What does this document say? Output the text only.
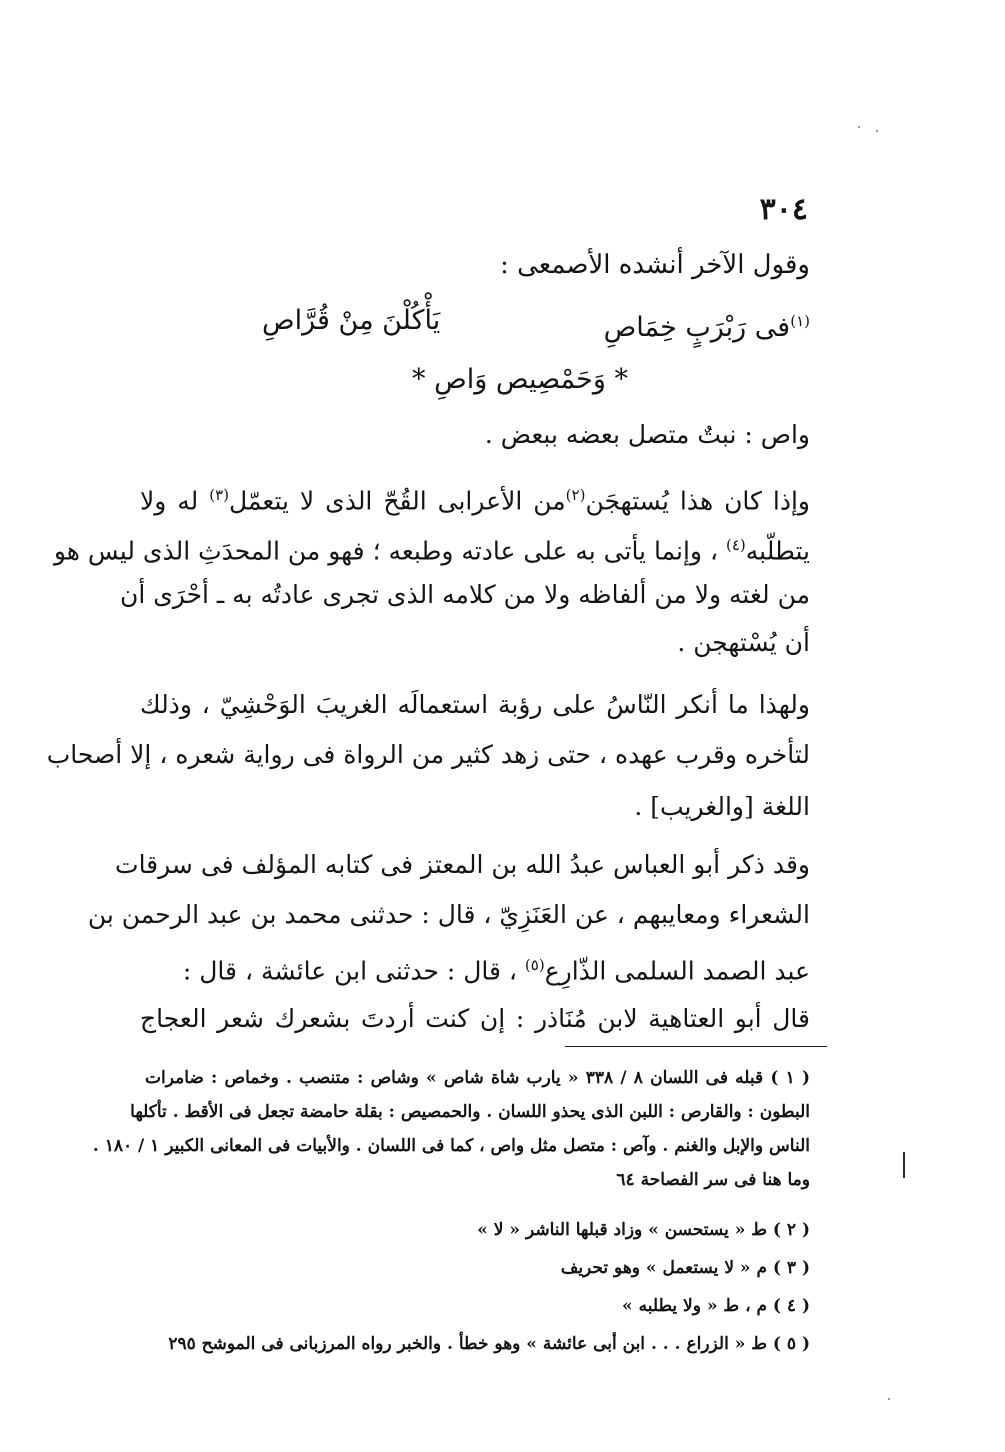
٣٠٤
وقول الآخر أنشده الأصمعى :
$^{(١)}$فى رَبْرَبٍ خِمَاصِ
يَأْكُلْنَ مِنْ قُرَّاصِ
* وَحَمْصِيص وَاصِ *
واص : نبتٌ متصل بعضه ببعض .
وإذا كان هذا يُستهجَن$^{(٢)}$من الأعرابى القُحّ الذى لا يتعمّل$^{(٣)}$ له ولا
يتطلّبه$^{(٤)}$ ، وإنما يأتى به على عادته وطبعه ؛ فهو من المحدَثِ الذى ليس هو
من لغته ولا من ألفاظه ولا من كلامه الذى تجرى عادتُه به ـ أحْرَى أن
أن يُسْتهجن .
ولهذا ما أنكر النّاسُ على رؤبة استعمالَه الغريبَ الوَحْشِيّ ، وذلك
لتأخره وقرب عهده ، حتى زهد كثير من الرواة فى رواية شعره ، إلا أصحاب
اللغة [والغريب] .
وقد ذكر أبو العباس عبدُ الله بن المعتز فى كتابه المؤلف فى سرقات
الشعراء ومعايبهم ، عن العَنَزِيّ ، قال : حدثنى محمد بن عبد الرحمن بن
عبد الصمد السلمى الذّارِع$^{(٥)}$ ، قال : حدثنى ابن عائشة ، قال :
قال أبو العتاهية لابن مُنَاذر : إن كنت أردتَ بشعرك شعر العجاج
( ١ ) قبله فى اللسان ٨ / ٣٣٨ « يارب شاة شاص » وشاص : متنصب . وخماص : ضامرات
البطون : والقارص : اللبن الذى يحذو اللسان . والحمصيص : بقلة حامضة تجعل فى الأقط . تأكلها
الناس والإبل والغنم . وآص : متصل مثل واص ، كما فى اللسان . والأبيات فى المعانى الكبير ١ / ١٨٠ .
وما هنا فى سر الفصاحة ٦٤
( ٢ ) ط « يستحسن » وزاد قبلها الناشر « لا »
( ٣ ) م « لا يستعمل » وهو تحريف
( ٤ ) م ، ط « ولا يطلبه »
( ٥ ) ط « الزراع . . . ابن أبى عائشة » وهو خطأ . والخبر رواه المرزبانى فى الموشح ٢٩٥
